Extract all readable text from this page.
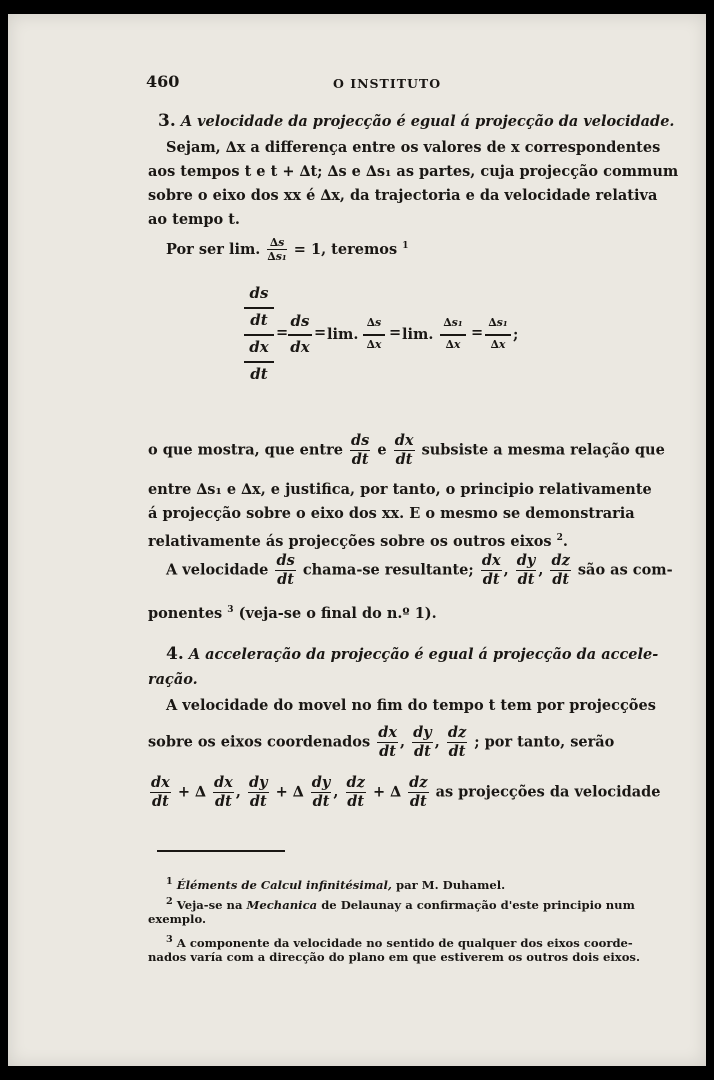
460	O INSTITUTO
3. A velocidade da projecção é egual á projecção da velocidade.
Sejam, ∆x a differença entre os valores de x correspondentes
aos tempos t e t + ∆t; ∆s e ∆s₁ as partes, cuja projecção commum
sobre o eixo dos xx é ∆x, da trajectoria e da velocidade relativa
ao tempo t.
Por ser lim. $\frac{\Delta s}{\text{∆s₁}} = 1$, teremos $^1$
ds
dt
dx
dt
=
ds
dx
= lim.
∆s
∆x
= lim.
∆s₁
∆x
=
∆s₁
∆x
;
o que mostra, que entre $\frac{ds}{dt}$ e $\frac{dx}{dt}$ subsiste a mesma relação que
entre ∆s₁ e ∆x, e justifica, por tanto, o principio relativamente
á projecção sobre o eixo dos xx. E o mesmo se demonstraria
relativamente ás projecções sobre os outros eixos $^2$.
A velocidade $\frac{ds}{dt}$ chama-se resultante; $\frac{dx}{dt}$ , $\frac{dy}{dt}$ , $\frac{dz}{dt}$ são as com-
ponentes $^3$ (veja-se o final do n.º 1).
4. A acceleração da projecção é egual á projecção da accele-
ração.
A velocidade do movel no fim do tempo t tem por projecções
sobre os eixos coordenados $\frac{dx}{dt}$ , $\frac{dy}{dt}$ , $\frac{dz}{dt}$ ; por tanto, serão
$\frac{dx}{dt}$ + ∆ $\frac{dx}{dt}$ , $\frac{dy}{dt}$ + ∆ $\frac{dy}{dt}$ , $\frac{dz}{dt}$ + ∆ $\frac{dz}{dt}$ as projecções da velocidade
$^1$ Éléments de Calcul infinitésimal, par M. Duhamel.
$^2$ Veja-se na Mechanica de Delaunay a confirmação d'este principio num
exemplo.
$^3$ A componente da velocidade no sentido de qualquer dos eixos coorde-
nados varía com a direcção do plano em que estiverem os outros dois eixos.
